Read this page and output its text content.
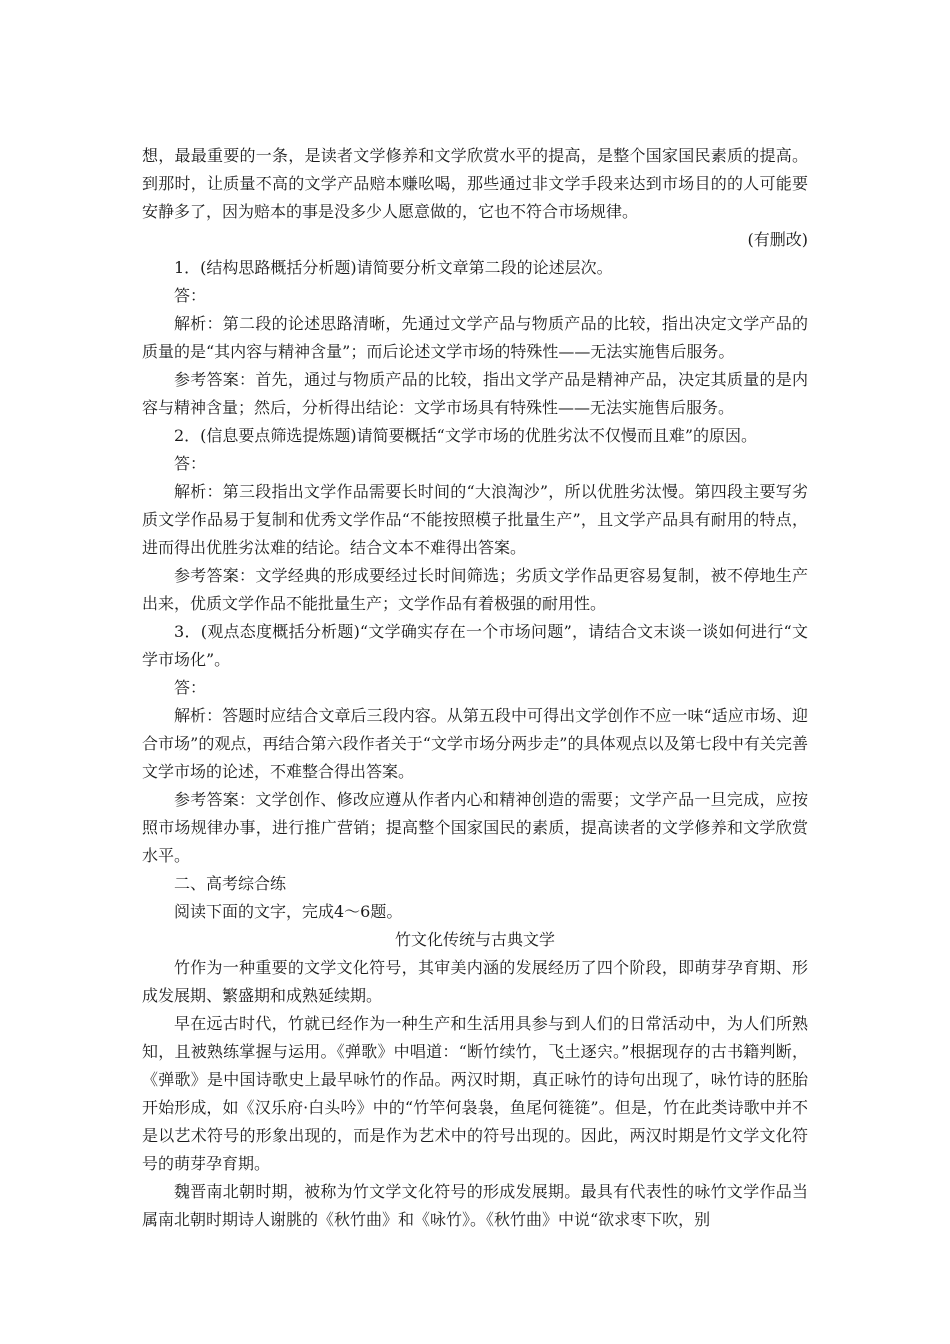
想，最最重要的一条，是读者文学修养和文学欣赏水平的提高，是整个国家国民素质的提高。到那时，让质量不高的文学产品赔本赚吆喝，那些通过非文学手段来达到市场目的的人可能要安静多了，因为赔本的事是没多少人愿意做的，它也不符合市场规律。

(有删改)

1．(结构思路概括分析题)请简要分析文章第二段的论述层次。

答：

解析：第二段的论述思路清晰，先通过文学产品与物质产品的比较，指出决定文学产品的质量的是“其内容与精神含量”；而后论述文学市场的特殊性——无法实施售后服务。

参考答案：首先，通过与物质产品的比较，指出文学产品是精神产品，决定其质量的是内容与精神含量；然后，分析得出结论：文学市场具有特殊性——无法实施售后服务。

2．(信息要点筛选提炼题)请简要概括“文学市场的优胜劣汰不仅慢而且难”的原因。

答：

解析：第三段指出文学作品需要长时间的“大浪淘沙”，所以优胜劣汰慢。第四段主要写劣质文学作品易于复制和优秀文学作品“不能按照模子批量生产”，且文学产品具有耐用的特点，进而得出优胜劣汰难的结论。结合文本不难得出答案。

参考答案：文学经典的形成要经过长时间筛选；劣质文学作品更容易复制，被不停地生产出来，优质文学作品不能批量生产；文学作品有着极强的耐用性。

3．(观点态度概括分析题)“文学确实存在一个市场问题”，请结合文末谈一谈如何进行“文学市场化”。

答：

解析：答题时应结合文章后三段内容。从第五段中可得出文学创作不应一味“适应市场、迎合市场”的观点，再结合第六段作者关于“文学市场分两步走”的具体观点以及第七段中有关完善文学市场的论述，不难整合得出答案。

参考答案：文学创作、修改应遵从作者内心和精神创造的需要；文学产品一旦完成，应按照市场规律办事，进行推广营销；提高整个国家国民的素质，提高读者的文学修养和文学欣赏水平。

二、高考综合练

阅读下面的文字，完成4～6题。

竹文化传统与古典文学

竹作为一种重要的文学文化符号，其审美内涵的发展经历了四个阶段，即萌芽孕育期、形成发展期、繁盛期和成熟延续期。

早在远古时代，竹就已经作为一种生产和生活用具参与到人们的日常活动中，为人们所熟知，且被熟练掌握与运用。《弹歌》中唱道：“断竹续竹，飞土逐宍。”根据现存的古书籍判断，《弹歌》是中国诗歌史上最早咏竹的作品。两汉时期，真正咏竹的诗句出现了，咏竹诗的胚胎开始形成，如《汉乐府·白头吟》中的“竹竿何袅袅，鱼尾何簁簁”。但是，竹在此类诗歌中并不是以艺术符号的形象出现的，而是作为艺术中的符号出现的。因此，两汉时期是竹文学文化符号的萌芽孕育期。

魏晋南北朝时期，被称为竹文学文化符号的形成发展期。最具有代表性的咏竹文学作品当属南北朝时期诗人谢朓的《秋竹曲》和《咏竹》。《秋竹曲》中说“欲求枣下吹，别
